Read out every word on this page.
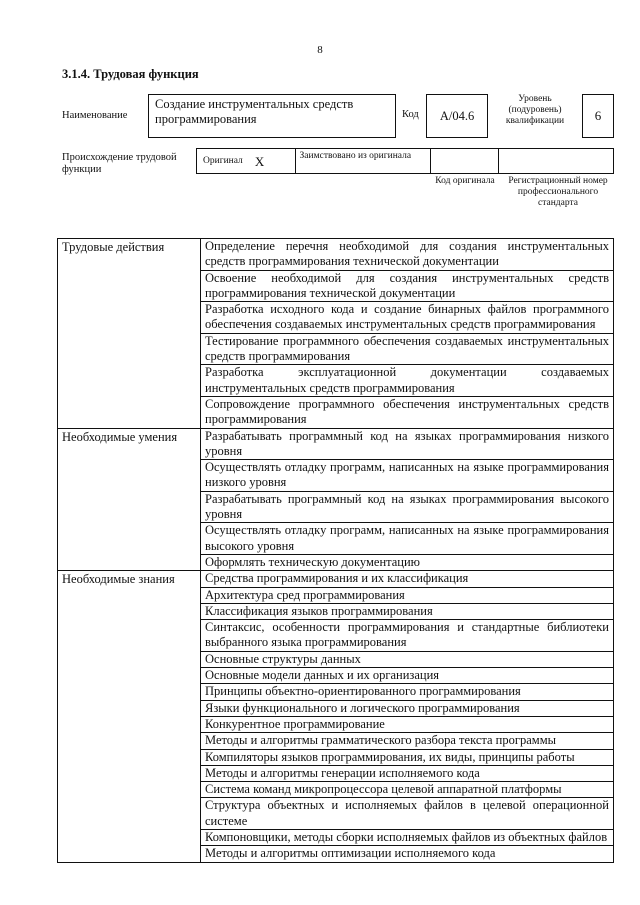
8
3.1.4. Трудовая функция
Наименование
Создание инструментальных средств программирования	Код	A/04.6
Уровень (подуровень) квалификации	6
Происхождение трудовой функции
Оригинал X	Заимствовано из оригинала
Код оригинала	Регистрационный номер профессионального стандарта
Трудовые действия	Определение перечня необходимой для создания инструментальных средств программирования технической документации
	Освоение необходимой для создания инструментальных средств программирования технической документации
	Разработка исходного кода и создание бинарных файлов программного обеспечения создаваемых инструментальных средств программирования
	Тестирование программного обеспечения создаваемых инструментальных средств программирования
	Разработка эксплуатационной документации создаваемых инструментальных средств программирования
	Сопровождение программного обеспечения инструментальных средств программирования
Необходимые умения	Разрабатывать программный код на языках программирования низкого уровня
	Осуществлять отладку программ, написанных на языке программирования низкого уровня
	Разрабатывать программный код на языках программирования высокого уровня
	Осуществлять отладку программ, написанных на языке программирования высокого уровня
	Оформлять техническую документацию
Необходимые знания	Средства программирования и их классификация
	Архитектура сред программирования
	Классификация языков программирования
	Синтаксис, особенности программирования и стандартные библиотеки выбранного языка программирования
	Основные структуры данных
	Основные модели данных и их организация
	Принципы объектно-ориентированного программирования
	Языки функционального и логического программирования
	Конкурентное программирование
	Методы и алгоритмы грамматического разбора текста программы
	Компиляторы языков программирования, их виды, принципы работы
	Методы и алгоритмы генерации исполняемого кода
	Система команд микропроцессора целевой аппаратной платформы
	Структура объектных и исполняемых файлов в целевой операционной системе
	Компоновщики, методы сборки исполняемых файлов из объектных файлов
	Методы и алгоритмы оптимизации исполняемого кода
